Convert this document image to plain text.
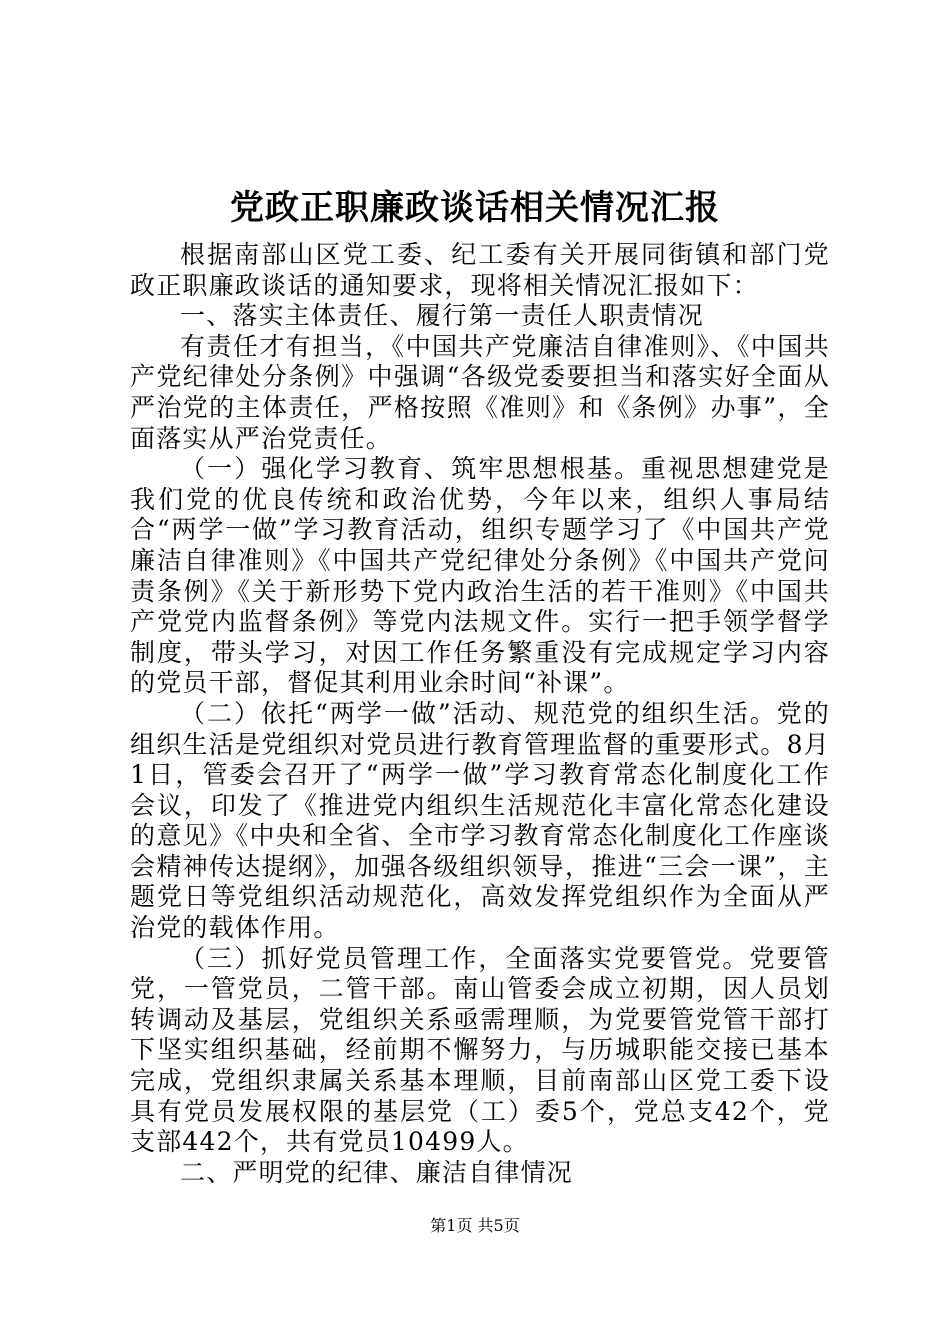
党政正职廉政谈话相关情况汇报

根据南部山区党工委、纪工委有关开展同街镇和部门党政正职廉政谈话的通知要求，现将相关情况汇报如下：

一、落实主体责任、履行第一责任人职责情况

有责任才有担当，《中国共产党廉洁自律准则》、《中国共产党纪律处分条例》中强调“各级党委要担当和落实好全面从严治党的主体责任，严格按照《准则》和《条例》办事”，全面落实从严治党责任。

（一）强化学习教育、筑牢思想根基。重视思想建党是我们党的优良传统和政治优势，今年以来，组织人事局结合“两学一做”学习教育活动，组织专题学习了《中国共产党廉洁自律准则》《中国共产党纪律处分条例》《中国共产党问责条例》《关于新形势下党内政治生活的若干准则》《中国共产党党内监督条例》等党内法规文件。实行一把手领学督学制度，带头学习，对因工作任务繁重没有完成规定学习内容的党员干部，督促其利用业余时间“补课”。

（二）依托“两学一做”活动、规范党的组织生活。党的组织生活是党组织对党员进行教育管理监督的重要形式。8月1日，管委会召开了“两学一做”学习教育常态化制度化工作会议，印发了《推进党内组织生活规范化丰富化常态化建设的意见》《中央和全省、全市学习教育常态化制度化工作座谈会精神传达提纲》，加强各级组织领导，推进“三会一课”，主题党日等党组织活动规范化，高效发挥党组织作为全面从严治党的载体作用。

（三）抓好党员管理工作，全面落实党要管党。党要管党，一管党员，二管干部。南山管委会成立初期，因人员划转调动及基层，党组织关系亟需理顺，为党要管党管干部打下坚实组织基础，经前期不懈努力，与历城职能交接已基本完成，党组织隶属关系基本理顺，目前南部山区党工委下设具有党员发展权限的基层党（工）委5个，党总支42个，党支部442个，共有党员10499人。

二、严明党的纪律、廉洁自律情况

第1页 共5页
